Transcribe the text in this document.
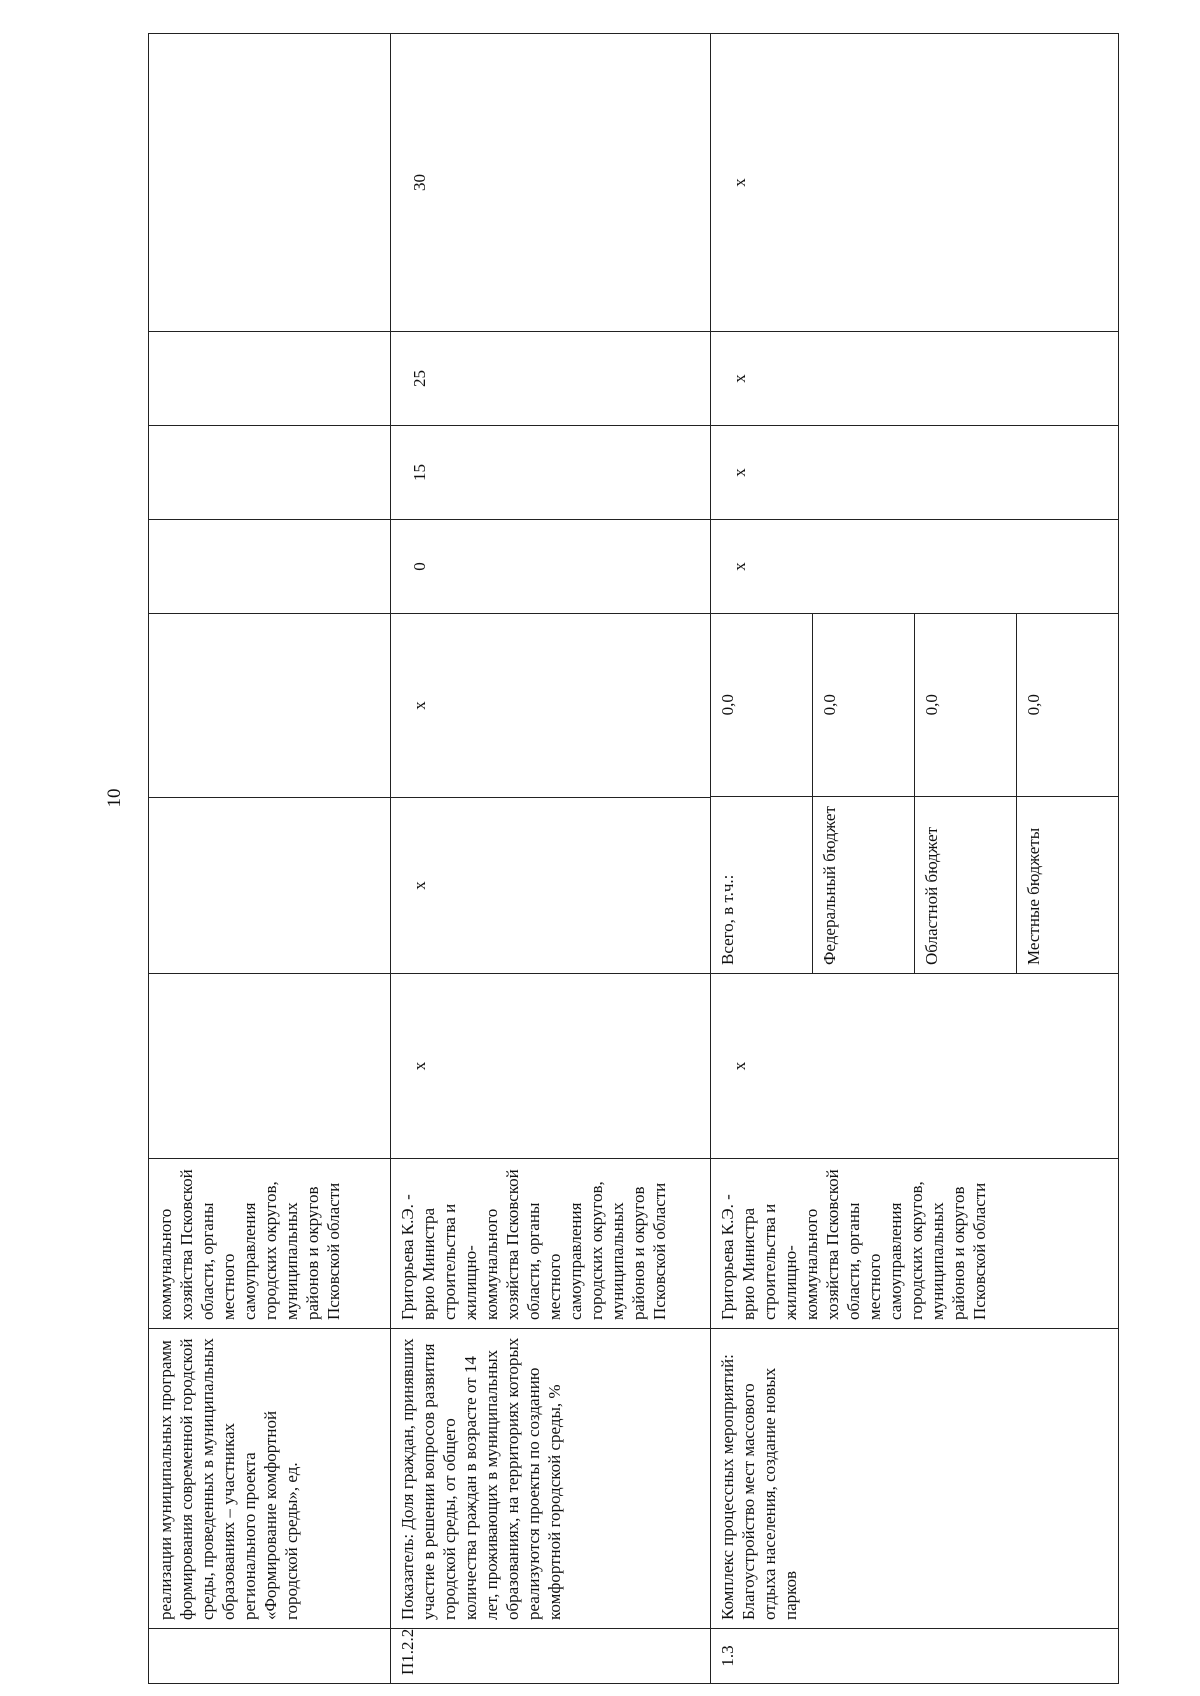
10
	реализации муниципальных программ формирования современной городской среды, проведенных в муниципальных образованиях – участниках регионального проекта «Формирование комфортной городской среды», ед.	коммунального хозяйства Псковской области, органы местного самоуправления городских округов, муниципальных районов и округов Псковской области							
П1.2.2	Показатель: Доля граждан, принявших участие в решении вопросов развития городской среды, от общего количества граждан в возрасте от 14 лет, проживающих в муниципальных образованиях, на территориях которых реализуются проекты по созданию комфортной городской среды, %	Григорьева К.Э. - врио Министра строительства и жилищно-коммунального хозяйства Псковской области, органы местного самоуправления городских округов, муниципальных районов и округов Псковской области	x	x	x	0	15	25	30
1.3	Комплекс процессных мероприятий: Благоустройство мест массового отдыха населения, создание новых парков	Григорьева К.Э. - врио Министра строительства и жилищно-коммунального хозяйства Псковской области, органы местного самоуправления городских округов, муниципальных районов и округов Псковской области	x	
Всего, в т.ч.:	0,0
Федеральный бюджет	0,0
Областной бюджет	0,0
Местные бюджеты	0,0
	x	x	x	x
